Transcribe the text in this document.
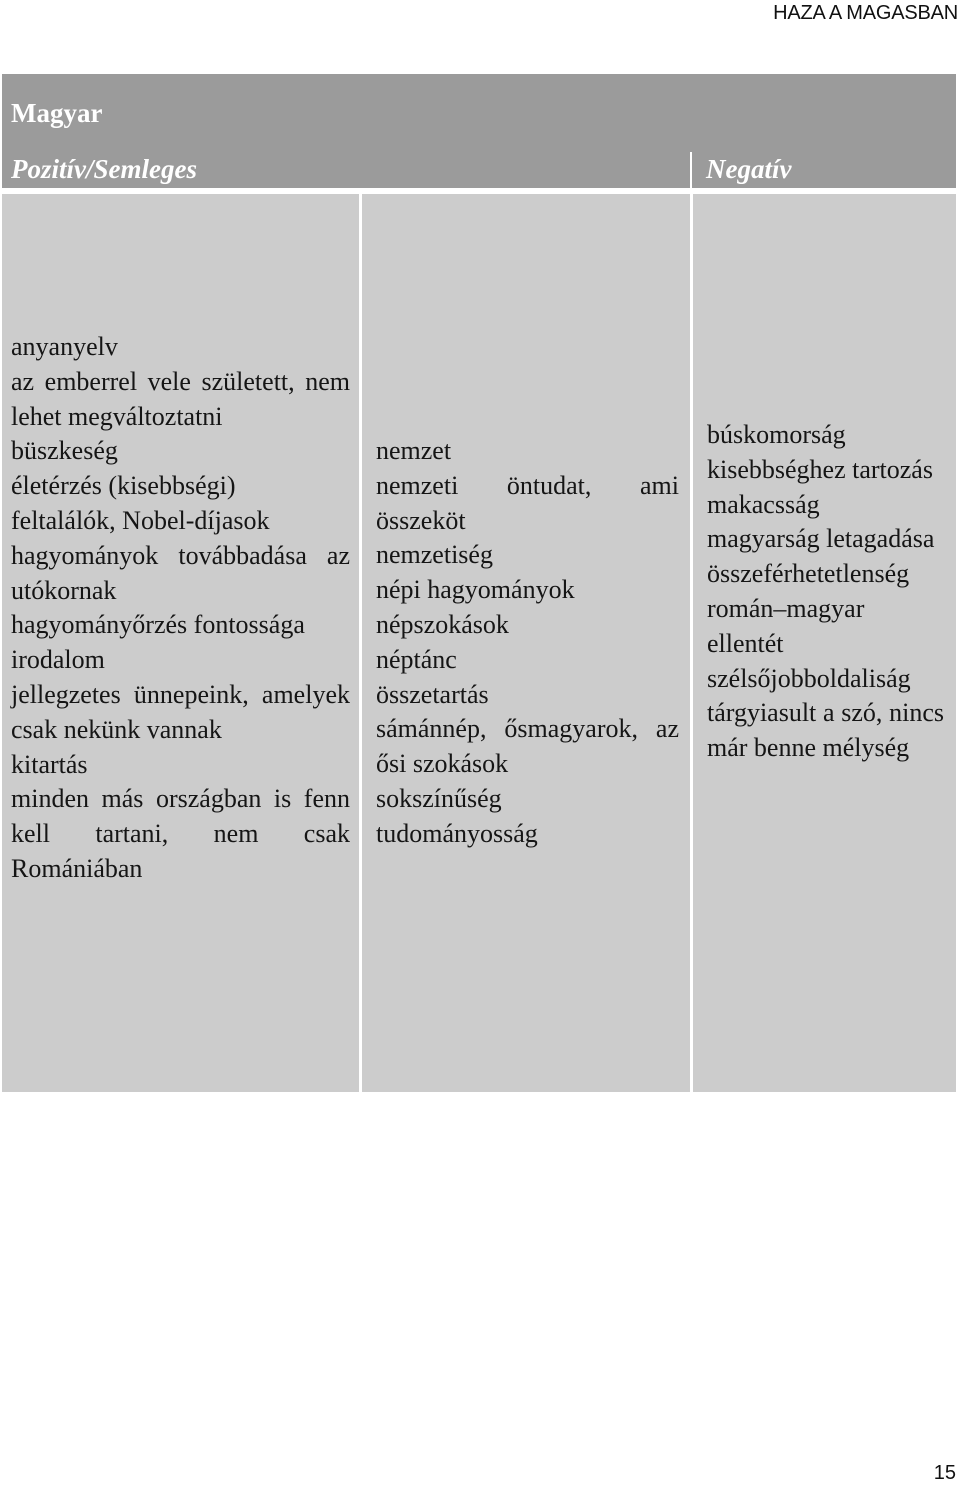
HAZA A MAGASBAN
Magyar
Pozitív/Semleges	Negatív
anyanyelv
az emberrel vele született, nem lehet megváltoztatni
büszkeség
életérzés (kisebbségi)
feltalálók, Nobel-díjasok
hagyományok továbbadása az utókornak
hagyományőrzés fontossága
irodalom
jellegzetes ünnepeink, amelyek csak nekünk vannak
kitartás
minden más országban is fenn kell tartani, nem csak Romániában
nemzet
nemzeti öntudat, ami összeköt
nemzetiség
népi hagyományok
népszokások
néptánc
összetartás
sámánnép, ősmagyarok, az ősi szokások
sokszínűség
tudományosság
búskomorság
kisebbséghez tartozás
makacsság
magyarság letagadása
összeférhetetlenség
román–magyar ellentét
szélsőjobboldaliság
tárgyiasult a szó, nincs már benne mélység
15
